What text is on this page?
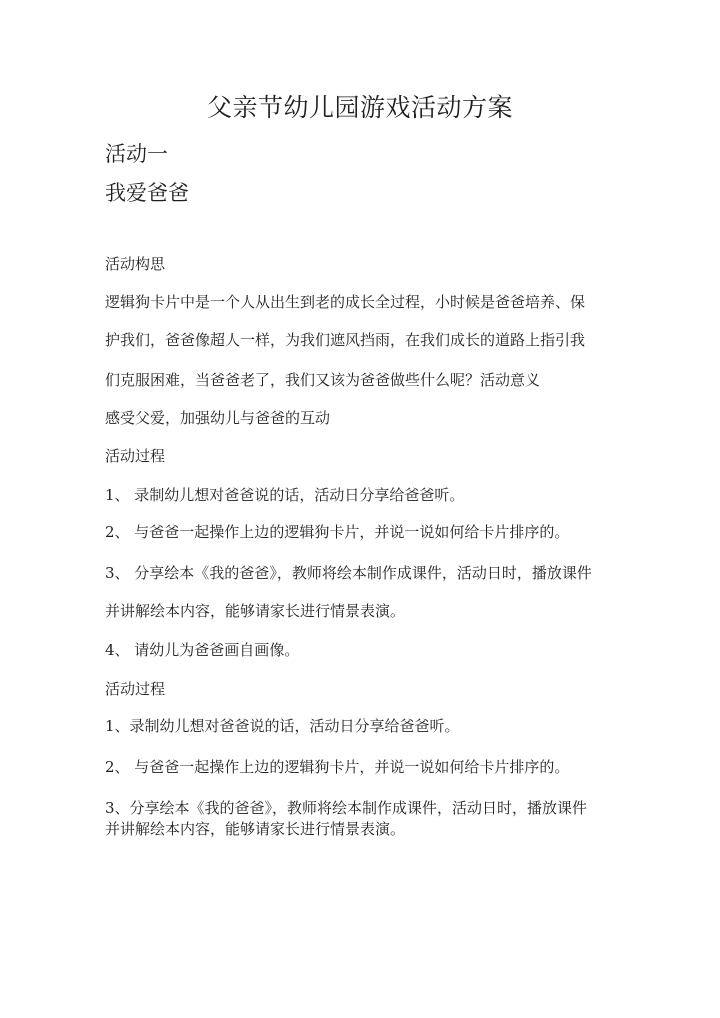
父亲节幼儿园游戏活动方案
活动一
我爱爸爸
活动构思
逻辑狗卡片中是一个人从出生到老的成长全过程，小时候是爸爸培养、保
护我们，爸爸像超人一样，为我们遮风挡雨，在我们成长的道路上指引我
们克服困难，当爸爸老了，我们又该为爸爸做些什么呢？活动意义
感受父爱，加强幼儿与爸爸的互动
活动过程
1、 录制幼儿想对爸爸说的话，活动日分享给爸爸听。
2、 与爸爸一起操作上边的逻辑狗卡片，并说一说如何给卡片排序的。
3、 分享绘本《我的爸爸》，教师将绘本制作成课件，活动日时，播放课件
并讲解绘本内容，能够请家长进行情景表演。
4、 请幼儿为爸爸画自画像。
活动过程
1、录制幼儿想对爸爸说的话，活动日分享给爸爸听。
2、 与爸爸一起操作上边的逻辑狗卡片，并说一说如何给卡片排序的。
3、分享绘本《我的爸爸》，教师将绘本制作成课件，活动日时，播放课件
并讲解绘本内容，能够请家长进行情景表演。
